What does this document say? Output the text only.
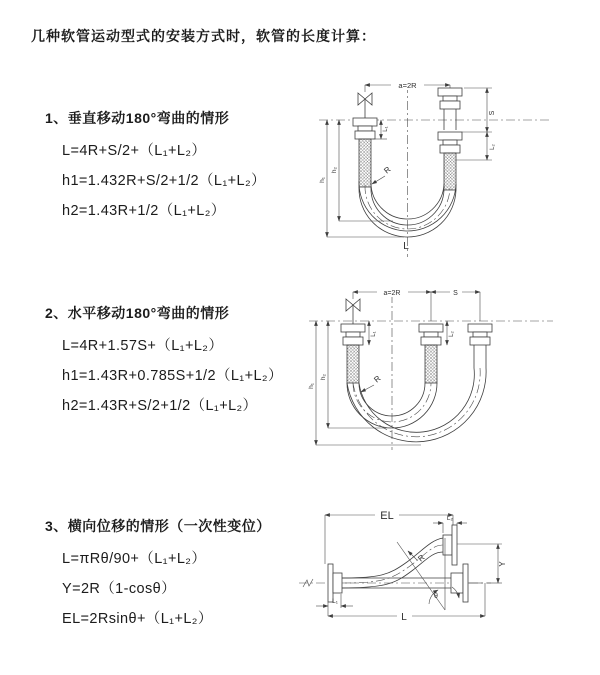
几种软管运动型式的安装方式时，软管的长度计算：
1、垂直移动180°弯曲的情形
L=4R+S/2+（L₁+L₂）
h1=1.432R+S/2+1/2（L₁+L₂）
h2=1.43R+1/2（L₁+L₂）
2、水平移动180°弯曲的情形
L=4R+1.57S+（L₁+L₂）
h1=1.43R+0.785S+1/2（L₁+L₂）
h2=1.43R+S/2+1/2（L₁+L₂）
3、横向位移的情形（一次性变位）
L=πRθ/90+（L₁+L₂）
Y=2R（1-cosθ）
EL=2Rsinθ+（L₁+L₂）
a=2R
S
L₂
L₁
h₁
h₂	R
L
a=2R	S
L₁	L₂
h₁
h₂	R
θ
R
EL	L₂
Y
L
L₁
